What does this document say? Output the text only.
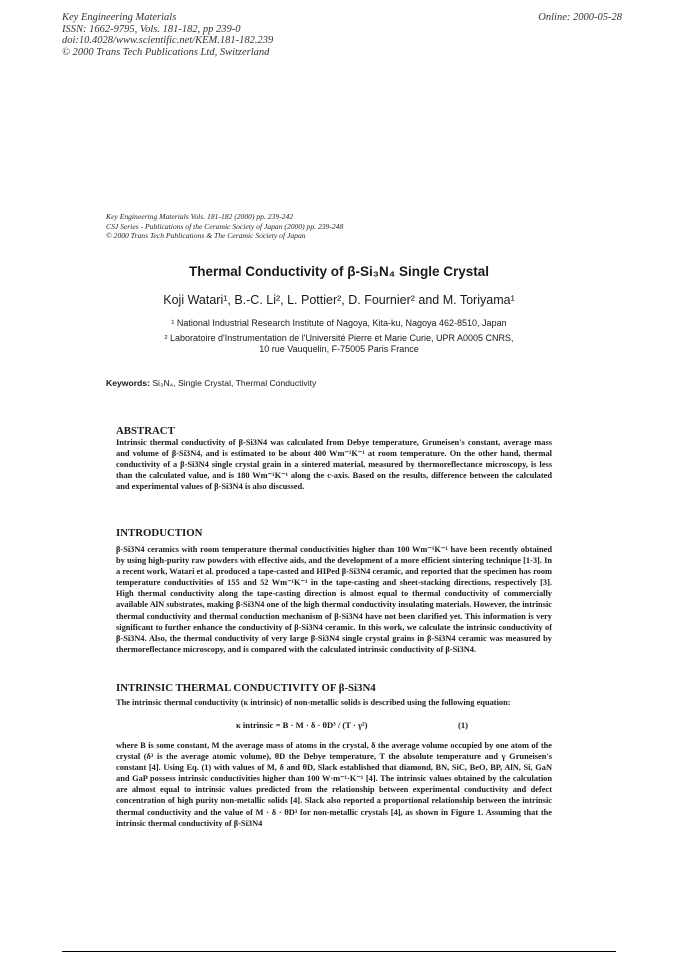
Key Engineering Materials
ISSN: 1662-9795, Vols. 181-182, pp 239-0
doi:10.4028/www.scientific.net/KEM.181-182.239
© 2000 Trans Tech Publications Ltd, Switzerland
Online: 2000-05-28
Key Engineering Materials Vols. 181-182 (2000) pp. 239-242
CSJ Series - Publications of the Ceramic Society of Japan (2000) pp. 239-248
© 2000 Trans Tech Publications & The Ceramic Society of Japan
Thermal Conductivity of β-Si₃N₄ Single Crystal
Koji Watari¹, B.-C. Li², L. Pottier², D. Fournier² and M. Toriyama¹
¹ National Industrial Research Institute of Nagoya, Kita-ku, Nagoya 462-8510, Japan
² Laboratoire d'Instrumentation de l'Université Pierre et Marie Curie, UPR A0005 CNRS,
10 rue Vauquelin, F-75005 Paris France
Keywords: Si₃N₄, Single Crystal, Thermal Conductivity
ABSTRACT
Intrinsic thermal conductivity of β-Si3N4 was calculated from Debye temperature, Gruneisen's constant, average mass and volume of β-Si3N4, and is estimated to be about 400 Wm⁻¹K⁻¹ at room temperature. On the other hand, thermal conductivity of a β-Si3N4 single crystal grain in a sintered material, measured by thermoreflectance microscopy, is less than the calculated value, and is 180 Wm⁻¹K⁻¹ along the c-axis. Based on the results, difference between the calculated and experimental values of β-Si3N4 is also discussed.
INTRODUCTION
β-Si3N4 ceramics with room temperature thermal conductivities higher than 100 Wm⁻¹K⁻¹ have been recently obtained by using high-purity raw powders with effective aids, and the development of a more efficient sintering technique [1-3]. In a recent work, Watari et al. produced a tape-casted and HIPed β-Si3N4 ceramic, and reported that the specimen has room temperature conductivities of 155 and 52 Wm⁻¹K⁻¹ in the tape-casting and sheet-stacking directions, respectively [3]. High thermal conductivity along the tape-casting direction is almost equal to thermal conductivity of commercially available AlN substrates, making β-Si3N4 one of the high thermal conductivity insulating materials. However, the intrinsic thermal conductivity and thermal conduction mechanism of β-Si3N4 have not been clarified yet. This information is very significant to further enhance the conductivity of β-Si3N4 ceramic. In this work, we calculate the intrinsic conductivity of β-Si3N4. Also, the thermal conductivity of very large β-Si3N4 single crystal grains in β-Si3N4 ceramic was measured by thermoreflectance microscopy, and is compared with the calculated intrinsic conductivity of β-Si3N4.
INTRINSIC THERMAL CONDUCTIVITY OF β-Si3N4
The intrinsic thermal conductivity (κ intrinsic) of non-metallic solids is described using the following equation:
κ intrinsic = B · M · δ · θD³ / (T · γ²)	(1)
where B is some constant, M the average mass of atoms in the crystal, δ the average volume occupied by one atom of the crystal (δ³ is the average atomic volume), θD the Debye temperature, T the absolute temperature and γ Gruneisen's constant [4]. Using Eq. (1) with values of M, δ and θD, Slack established that diamond, BN, SiC, BeO, BP, AlN, Si, GaN and GaP possess intrinsic conductivities higher than 100 W·m⁻¹·K⁻¹ [4]. The intrinsic values obtained by the calculation are almost equal to intrinsic values predicted from the relationship between experimental conductivity and defect concentration of high purity non-metallic solids [4]. Slack also reported a proportional relationship between the intrinsic thermal conductivity and the value of M · δ · θD³ for non-metallic crystals [4], as shown in Figure 1. Assuming that the intrinsic thermal conductivity of β-Si3N4
